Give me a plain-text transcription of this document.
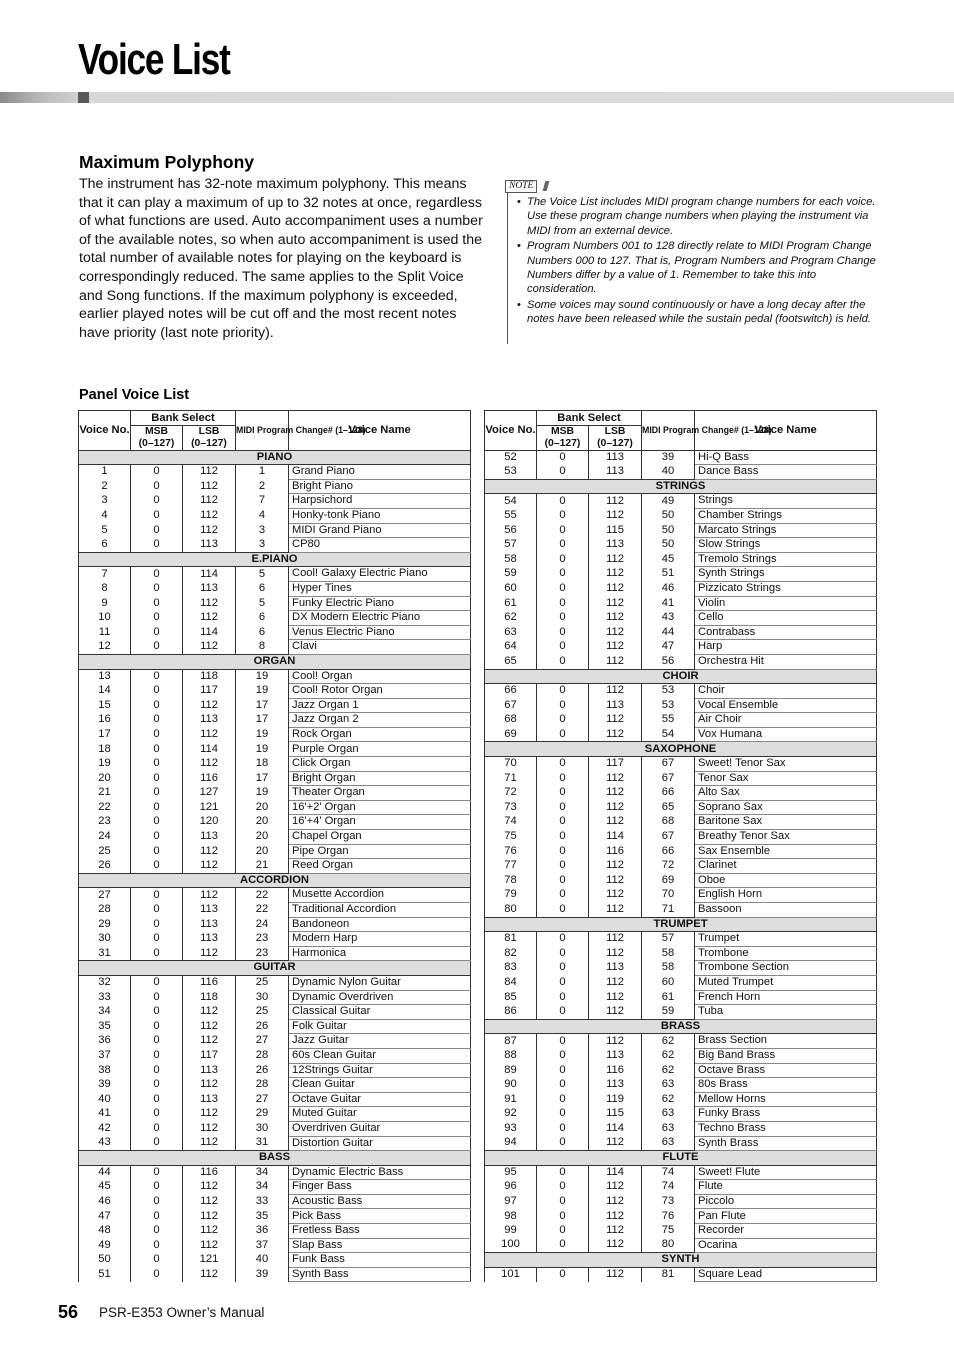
Voice List
Maximum Polyphony

The instrument has 32-note maximum polyphony. This means that it can play a maximum of up to 32 notes at once, regardless of what functions are used. Auto accompaniment uses a number of the available notes, so when auto accompaniment is used the total number of available notes for playing on the keyboard is correspondingly reduced. The same applies to the Split Voice and Song functions. If the maximum polyphony is exceeded, earlier played notes will be cut off and the most recent notes have priority (last note priority).

NOTE
• The Voice List includes MIDI program change numbers for each voice. Use these program change numbers when playing the instrument via MIDI from an external device.
• Program Numbers 001 to 128 directly relate to MIDI Program Change Numbers 000 to 127. That is, Program Numbers and Program Change Numbers differ by a value of 1. Remember to take this into consideration.
• Some voices may sound continuously or have a long decay after the notes have been released while the sustain pedal (footswitch) is held.
Panel Voice List
Voice No.	Bank Select		MIDI Program Change# (1–128)	Voice Name
	MSB
(0–127)	LSB
(0–127)		
PIANO				
1	0	112	1	Grand Piano
2	0	112	2	Bright Piano
3	0	112	7	Harpsichord
4	0	112	4	Honky-tonk Piano
5	0	112	3	MIDI Grand Piano
6	0	113	3	CP80
E.PIANO				
7	0	114	5	Cool! Galaxy Electric Piano
8	0	113	6	Hyper Tines
9	0	112	5	Funky Electric Piano
10	0	112	6	DX Modern Electric Piano
11	0	114	6	Venus Electric Piano
12	0	112	8	Clavi
ORGAN				
13	0	118	19	Cool! Organ
14	0	117	19	Cool! Rotor Organ
15	0	112	17	Jazz Organ 1
16	0	113	17	Jazz Organ 2
17	0	112	19	Rock Organ
18	0	114	19	Purple Organ
19	0	112	18	Click Organ
20	0	116	17	Bright Organ
21	0	127	19	Theater Organ
22	0	121	20	16'+2' Organ
23	0	120	20	16'+4' Organ
24	0	113	20	Chapel Organ
25	0	112	20	Pipe Organ
26	0	112	21	Reed Organ
ACCORDION				
27	0	112	22	Musette Accordion
28	0	113	22	Traditional Accordion
29	0	113	24	Bandoneon
30	0	113	23	Modern Harp
31	0	112	23	Harmonica
GUITAR				
32	0	116	25	Dynamic Nylon Guitar
33	0	118	30	Dynamic Overdriven
34	0	112	25	Classical Guitar
35	0	112	26	Folk Guitar
36	0	112	27	Jazz Guitar
37	0	117	28	60s Clean Guitar
38	0	113	26	12Strings Guitar
39	0	112	28	Clean Guitar
40	0	113	27	Octave Guitar
41	0	112	29	Muted Guitar
42	0	112	30	Overdriven Guitar
43	0	112	31	Distortion Guitar
BASS				
44	0	116	34	Dynamic Electric Bass
45	0	112	34	Finger Bass
46	0	112	33	Acoustic Bass
47	0	112	35	Pick Bass
48	0	112	36	Fretless Bass
49	0	112	37	Slap Bass
50	0	121	40	Funk Bass
51	0	112	39	Synth Bass
Voice No.	Bank Select		MIDI Program Change# (1–128)	Voice Name
	MSB
(0–127)	LSB
(0–127)		
52	0	113	39	Hi-Q Bass
53	0	113	40	Dance Bass
STRINGS				
54	0	112	49	Strings
55	0	112	50	Chamber Strings
56	0	115	50	Marcato Strings
57	0	113	50	Slow Strings
58	0	112	45	Tremolo Strings
59	0	112	51	Synth Strings
60	0	112	46	Pizzicato Strings
61	0	112	41	Violin
62	0	112	43	Cello
63	0	112	44	Contrabass
64	0	112	47	Harp
65	0	112	56	Orchestra Hit
CHOIR				
66	0	112	53	Choir
67	0	113	53	Vocal Ensemble
68	0	112	55	Air Choir
69	0	112	54	Vox Humana
SAXOPHONE				
70	0	117	67	Sweet! Tenor Sax
71	0	112	67	Tenor Sax
72	0	112	66	Alto Sax
73	0	112	65	Soprano Sax
74	0	112	68	Baritone Sax
75	0	114	67	Breathy Tenor Sax
76	0	116	66	Sax Ensemble
77	0	112	72	Clarinet
78	0	112	69	Oboe
79	0	112	70	English Horn
80	0	112	71	Bassoon
TRUMPET				
81	0	112	57	Trumpet
82	0	112	58	Trombone
83	0	113	58	Trombone Section
84	0	112	60	Muted Trumpet
85	0	112	61	French Horn
86	0	112	59	Tuba
BRASS				
87	0	112	62	Brass Section
88	0	113	62	Big Band Brass
89	0	116	62	Octave Brass
90	0	113	63	80s Brass
91	0	119	62	Mellow Horns
92	0	115	63	Funky Brass
93	0	114	63	Techno Brass
94	0	112	63	Synth Brass
FLUTE				
95	0	114	74	Sweet! Flute
96	0	112	74	Flute
97	0	112	73	Piccolo
98	0	112	76	Pan Flute
99	0	112	75	Recorder
100	0	112	80	Ocarina
SYNTH				
101	0	112	81	Square Lead
56 PSR-E353 Owner’s Manual
